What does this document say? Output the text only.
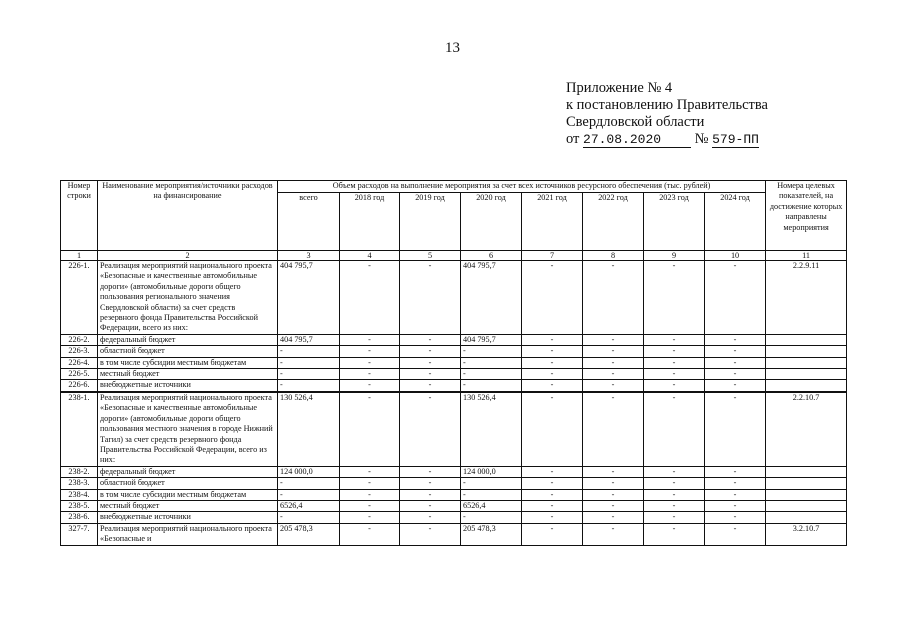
13
Приложение № 4
к постановлению Правительства
Свердловской области
от 27.08.2020 № 579-ПП
Номер строки	Наименование мероприятия/источники расходов на финансирование	Объем расходов на выполнение мероприятия за счет всех источников ресурсного обеспечения (тыс. рублей)								Номера целевых показателей, на достижение которых направлены мероприятия
		всего	2018 год	2019 год	2020 год	2021 год	2022 год	2023 год	2024 год	
1	2	3	4	5	6	7	8	9	10	11
226-1.	Реализация мероприятий национального проекта «Безопасные и качественные автомобильные дороги» (автомобильные дороги общего пользования регионального значения Свердловской области) за счет средств резервного фонда Правительства Российской Федерации, всего из них:	404 795,7	-	-	404 795,7	-	-	-	-	2.2.9.11
226-2.	федеральный бюджет	404 795,7	-	-	404 795,7	-	-	-	-	
226-3.	областной бюджет	-	-	-	-	-	-	-	-	
226-4.	в том числе субсидии местным бюджетам	-	-	-	-	-	-	-	-	
226-5.	местный бюджет	-	-	-	-	-	-	-	-	
226-6.	внебюджетные источники	-	-	-	-	-	-	-	-	
238-1.	Реализация мероприятий национального проекта «Безопасные и качественные автомобильные дороги» (автомобильные дороги общего пользования местного значения в городе Нижний Тагил) за счет средств резервного фонда Правительства Российской Федерации, всего из них:	130 526,4	-	-	130 526,4	-	-	-	-	2.2.10.7
238-2.	федеральный бюджет	124 000,0	-	-	124 000,0	-	-	-	-	
238-3.	областной бюджет	-	-	-	-	-	-	-	-	
238-4.	в том числе субсидии местным бюджетам	-	-	-	-	-	-	-	-	
238-5.	местный бюджет	6526,4	-	-	6526,4	-	-	-	-	
238-6.	внебюджетные источники	-	-	-	-	-	-	-	-	
327-7.	Реализация мероприятий национального проекта «Безопасные и	205 478,3	-	-	205 478,3	-	-	-	-	3.2.10.7
